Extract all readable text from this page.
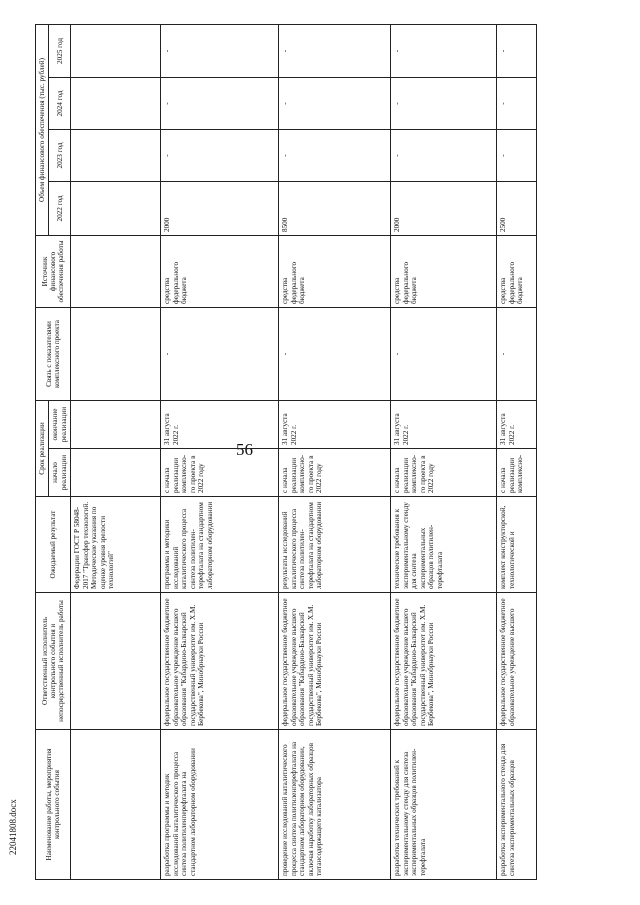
56
22041808.docx	Наименование работы, мероприятия контрольного события	Ответственный исполнитель контрольного события и непосредственный исполнитель работы	Ожидаемый результат	Срок реализации		Связь с показателями комплексного проекта	Источник финансового обеспечения работы	Объем финансового обеспечения (тыс. рублей)			
			начало реализации	окончание реализации			2022 год	2023 год	2024 год	2025 год
		Федерации ГОСТ Р 58048-2017 "Трансфер технологий. Методические указания по оценке уровня зрелости технологий"								
разработка программы и методик исследований каталитического процесса синтеза политиленперефталата на стандартном лабораторном оборудовании	федеральное государственное бюджетное образовательное учреждение высшего образования "Кабардино-Балкарский государственный университет им. Х.М. Бербекова", Минобрнауки России	программа и методики исследований каталитического процесса синтеза политилен-терефталата на стандартном лабораторном оборудовании	с начала реализации комплексно-го проекта в 2022 году	31 августа 2022 г.	-	средства федерального бюджета	2000	-	-	-
проведение исследований каталитического процесса синтеза политиленперефталата на стандартном лабораторном оборудовании, включая наработку лабораторных образцов титансодержащего катализатора	федеральное государственное бюджетное образовательное учреждение высшего образования "Кабардино-Балкарский государственный университет им. Х.М. Бербекова", Минобрнауки России	результаты исследований каталитического процесса синтеза политилен-терефталата на стандартном лабораторном оборудовании	с начала реализации комплексно-го проекта в 2022 году	31 августа 2022 г.	-	средства федерального бюджета	8500	-	-	-
разработка технических требований к экспериментальному стенду для синтеза экспериментальных образцов политилен-терефталата	федеральное государственное бюджетное образовательное учреждение высшего образования "Кабардино-Балкарский государственный университет им. Х.М. Бербекова", Минобрнауки России	технические требования к экспериментальному стенду для синтеза экспериментальных образцов политилен-терефталата	с начала реализации комплексно-го проекта в 2022 году	31 августа 2022 г.	-	средства федерального бюджета	2000	-	-	-
разработка экспериментального стенда для синтеза экспериментальных образцов	федеральное государственное бюджетное образовательное учреждение высшего	комплект конструкторской, технологической и	с начала реализации комплексно-	31 августа 2022 г.	-	средства федерального бюджета	2500	-	-	-
